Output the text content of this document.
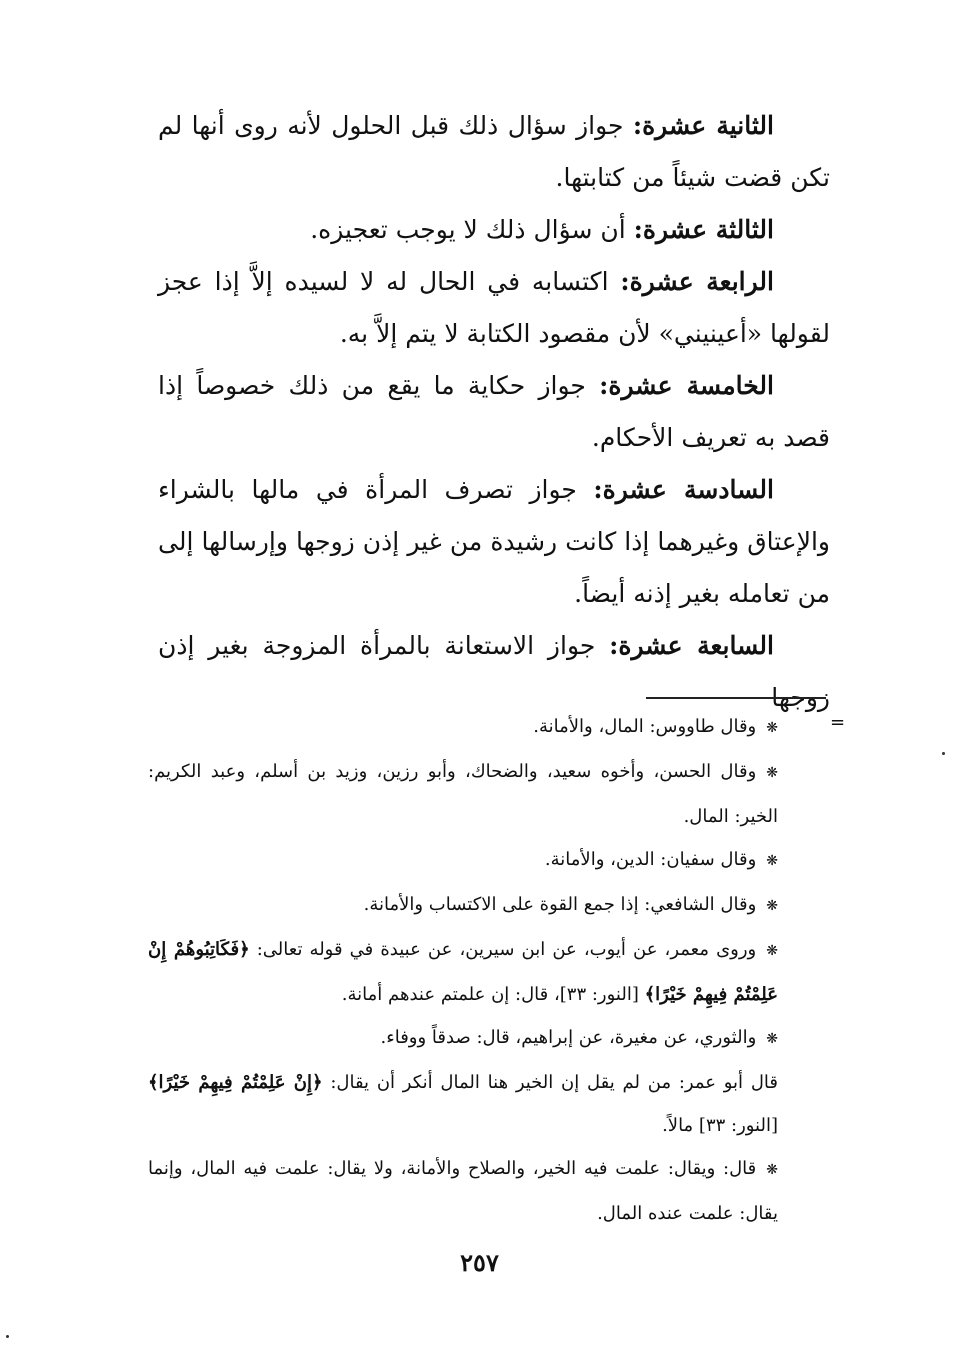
الثانية عشرة: جواز سؤال ذلك قبل الحلول لأنه روى أنها لم تكن قضت شيئاً من كتابتها.

الثالثة عشرة: أن سؤال ذلك لا يوجب تعجيزه.

الرابعة عشرة: اكتسابه في الحال له لا لسيده إلاَّ إذا عجز لقولها «أعينيني» لأن مقصود الكتابة لا يتم إلاَّ به.

الخامسة عشرة: جواز حكاية ما يقع من ذلك خصوصاً إذا قصد به تعريف الأحكام.

السادسة عشرة: جواز تصرف المرأة في مالها بالشراء والإعتاق وغيرهما إذا كانت رشيدة من غير إذن زوجها وإرسالها إلى من تعامله بغير إذنه أيضاً.

السابعة عشرة: جواز الاستعانة بالمرأة المزوجة بغير إذن زوجها

=

❋وقال طاووس: المال، والأمانة.

❋وقال الحسن، وأخوه سعيد، والضحاك، وأبو رزين، وزيد بن أسلم، وعبد الكريم: الخير: المال.

❋وقال سفيان: الدين، والأمانة.

❋وقال الشافعي: إذا جمع القوة على الاكتساب والأمانة.

❋وروى معمر، عن أيوب، عن ابن سيرين، عن عبيدة في قوله تعالى: ﴿فَكَاتِبُوهُمْ إِنْ عَلِمْتُمْ فِيهِمْ خَيْرًا﴾ [النور: ٣٣]، قال: إن علمتم عندهم أمانة.

❋والثوري، عن مغيرة، عن إبراهيم، قال: صدقاً ووفاء.

قال أبو عمر: من لم يقل إن الخير هنا المال أنكر أن يقال: ﴿إِنْ عَلِمْتُمْ فِيهِمْ خَيْرًا﴾ [النور: ٣٣] مالاً.

❋قال: ويقال: علمت فيه الخير، والصلاح والأمانة، ولا يقال: علمت فيه المال، وإنما يقال: علمت عنده المال.

٢٥٧
